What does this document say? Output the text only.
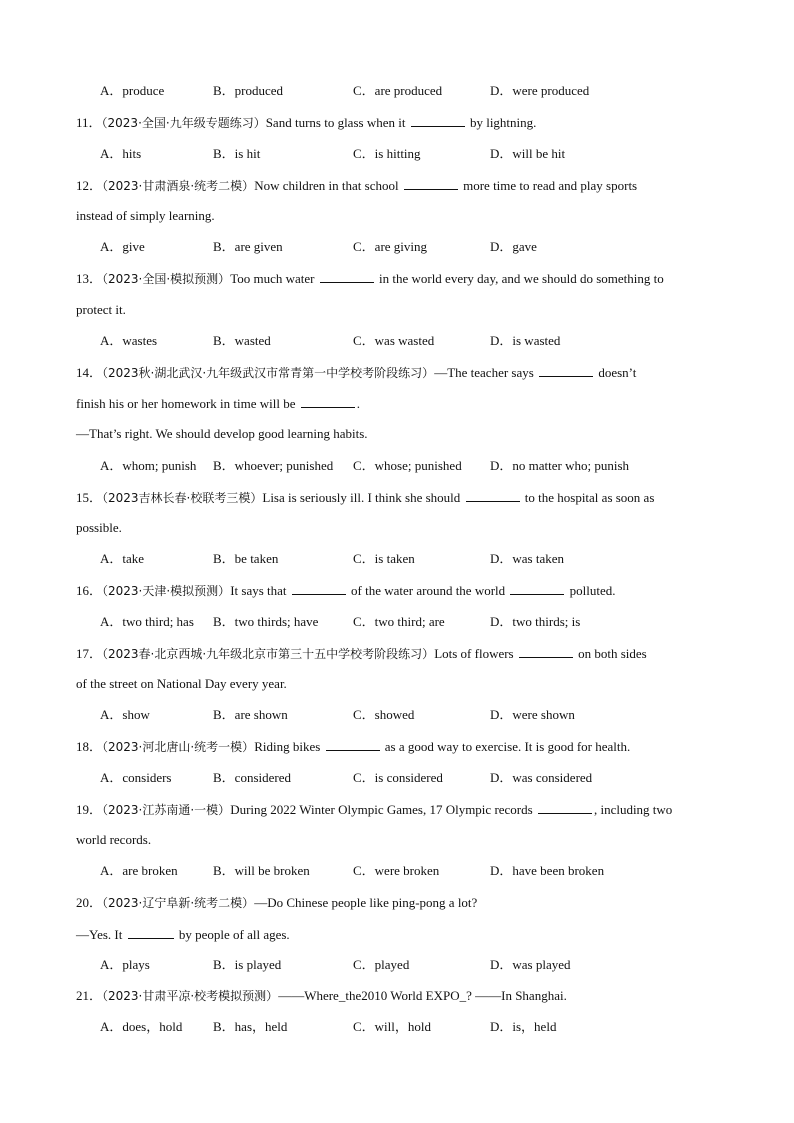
A．produce	B．produced	C．are produced	D．were produced
11．（2023·全国·九年级专题练习）Sand turns to glass when it	by lightning.
A．hits	B．is hit	C．is hitting	D．will be hit
12．（2023·甘肃酒泉·统考二模）Now children in that school	more time to read and play sports
instead of simply learning.
A．give	B．are given	C．are giving	D．gave
13．（2023·全国·模拟预测）Too much water	in the world every day, and we should do something to
protect it.
A．wastes	B．wasted	C．was wasted	D．is wasted
14．（2023秋·湖北武汉·九年级武汉市常青第一中学校考阶段练习）—The teacher says	doesn’t
finish his or her homework in time will be	.
—That’s right. We should develop good learning habits.
A．whom; punish B．whoever; punished C．whose; punished D．no matter who; punish
15．（2023吉林长春·校联考三模）Lisa is seriously ill. I think she should	to the hospital as soon as
possible.
A．take	B．be taken	C．is taken	D．was taken
16．（2023·天津·模拟预测）It says that	of the water around the world	polluted.
A．two third; has B．two thirds; have	C．two third; are	D．two thirds; is
17．（2023春·北京西城·九年级北京市第三十五中学校考阶段练习）Lots of flowers	on both sides
of the street on National Day every year.
A．show	B．are shown	C．showed	D．were shown
18．（2023·河北唐山·统考一模）Riding bikes	as a good way to exercise. It is good for health.
A．considers	B．considered	C．is considered	D．was considered
19．（2023·江苏南通·一模）During 2022 Winter Olympic Games, 17 Olympic records	, including two
world records.
A．are broken	B．will be broken	C．were broken	D．have been broken
20．（2023·辽宁阜新·统考二模）—Do Chinese people like ping-pong a lot?
—Yes. It	by people of all ages.
A．plays	B．is played	C．played	D．was played
21．（2023·甘肃平凉·校考模拟预测）——Where_the2010 World EXPO_? ——In Shanghai.
A．does，hold B．has，held	C．will，hold	D．is，held
